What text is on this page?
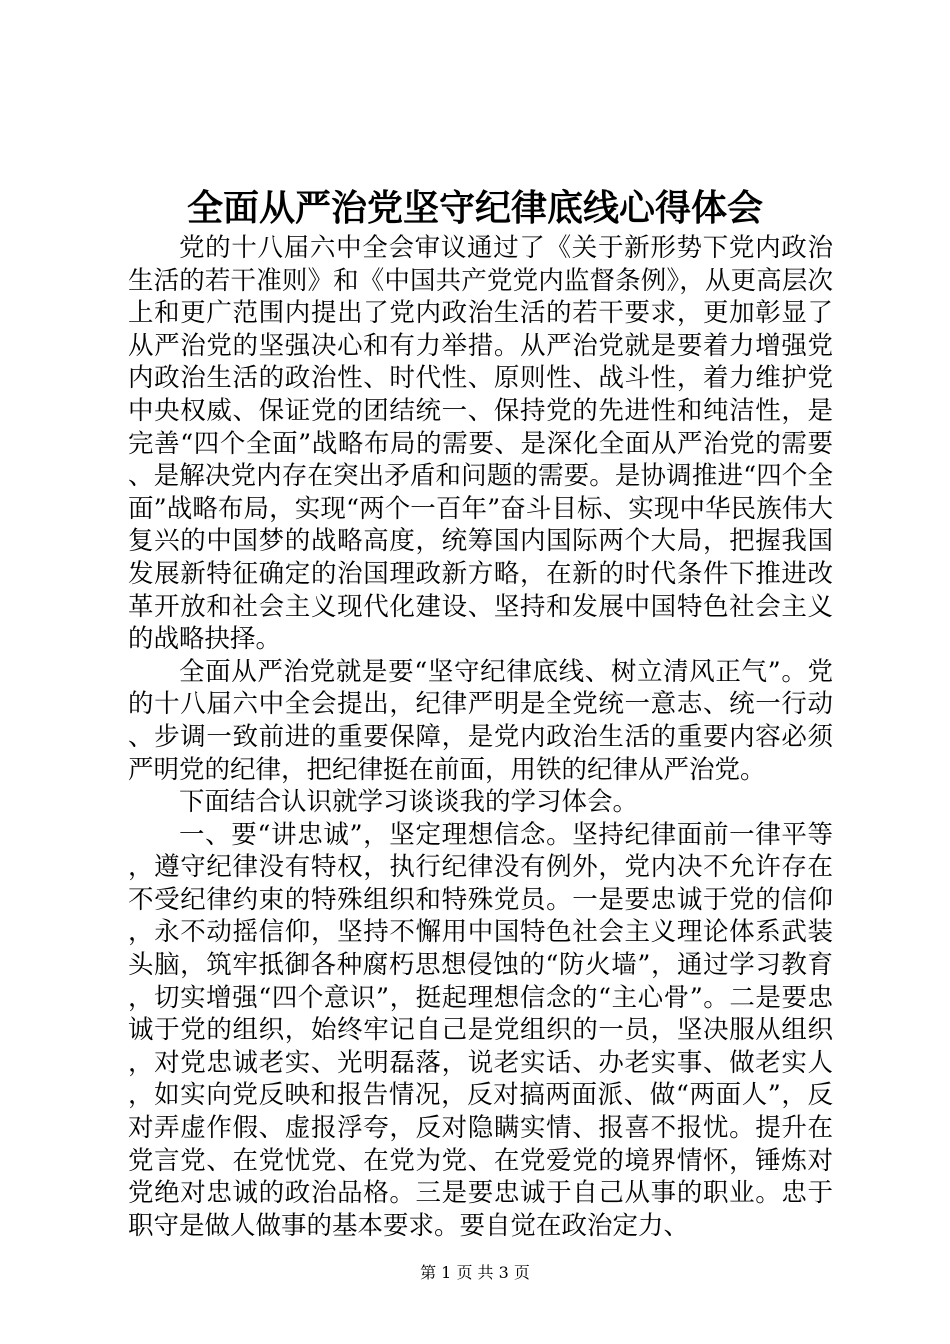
全面从严治党坚守纪律底线心得体会

党的十八届六中全会审议通过了《关于新形势下党内政治生活的若干准则》和《中国共产党党内监督条例》，从更高层次上和更广范围内提出了党内政治生活的若干要求，更加彰显了从严治党的坚强决心和有力举措。从严治党就是要着力增强党内政治生活的政治性、时代性、原则性、战斗性，着力维护党中央权威、保证党的团结统一、保持党的先进性和纯洁性，是完善“四个全面”战略布局的需要、是深化全面从严治党的需要、是解决党内存在突出矛盾和问题的需要。是协调推进“四个全面”战略布局，实现“两个一百年”奋斗目标、实现中华民族伟大复兴的中国梦的战略高度，统筹国内国际两个大局，把握我国发展新特征确定的治国理政新方略，在新的时代条件下推进改革开放和社会主义现代化建设、坚持和发展中国特色社会主义的战略抉择。

全面从严治党就是要“坚守纪律底线、树立清风正气”。党的十八届六中全会提出，纪律严明是全党统一意志、统一行动、步调一致前进的重要保障，是党内政治生活的重要内容必须严明党的纪律，把纪律挺在前面，用铁的纪律从严治党。

下面结合认识就学习谈谈我的学习体会。

一、要“讲忠诚”，坚定理想信念。坚持纪律面前一律平等，遵守纪律没有特权，执行纪律没有例外，党内决不允许存在不受纪律约束的特殊组织和特殊党员。一是要忠诚于党的信仰，永不动摇信仰，坚持不懈用中国特色社会主义理论体系武装头脑，筑牢抵御各种腐朽思想侵蚀的“防火墙”，通过学习教育，切实增强“四个意识”，挺起理想信念的“主心骨”。二是要忠诚于党的组织，始终牢记自己是党组织的一员，坚决服从组织，对党忠诚老实、光明磊落，说老实话、办老实事、做老实人，如实向党反映和报告情况，反对搞两面派、做“两面人”，反对弄虚作假、虚报浮夸，反对隐瞒实情、报喜不报忧。提升在党言党、在党忧党、在党为党、在党爱党的境界情怀，锤炼对党绝对忠诚的政治品格。三是要忠诚于自己从事的职业。忠于职守是做人做事的基本要求。要自觉在政治定力、

第 1 页 共 3 页
